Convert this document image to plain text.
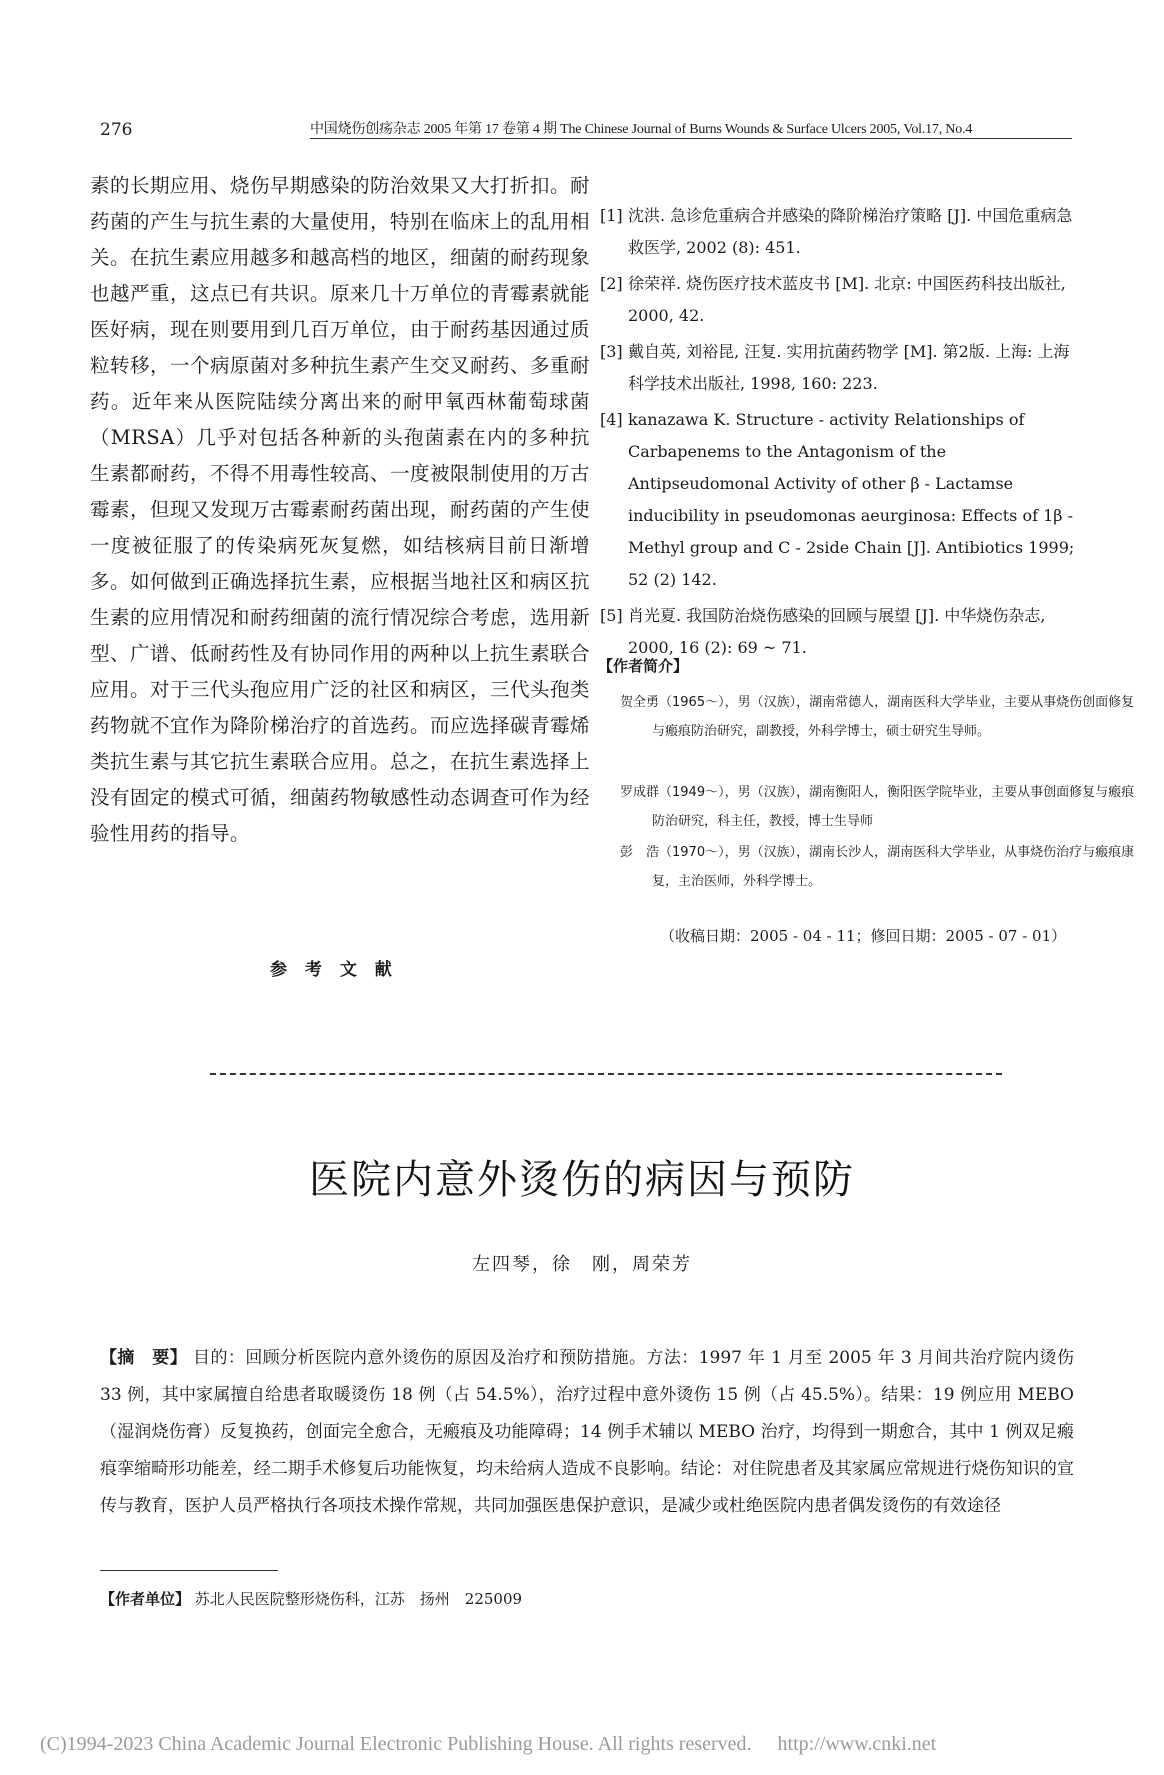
276	中国烧伤创疡杂志 2005 年第 17 卷第 4 期 The Chinese Journal of Burns Wounds & Surface Ulcers 2005, Vol.17, No.4
素的长期应用、烧伤早期感染的防治效果又大打折扣。耐药菌的产生与抗生素的大量使用，特别在临床上的乱用相关。在抗生素应用越多和越高档的地区，细菌的耐药现象也越严重，这点已有共识。原来几十万单位的青霉素就能医好病，现在则要用到几百万单位，由于耐药基因通过质粒转移，一个病原菌对多种抗生素产生交叉耐药、多重耐药。近年来从医院陆续分离出来的耐甲氧西林葡萄球菌（MRSA）几乎对包括各种新的头孢菌素在内的多种抗生素都耐药，不得不用毒性较高、一度被限制使用的万古霉素，但现又发现万古霉素耐药菌出现，耐药菌的产生使一度被征服了的传染病死灰复燃，如结核病目前日渐增多。如何做到正确选择抗生素，应根据当地社区和病区抗生素的应用情况和耐药细菌的流行情况综合考虑，选用新型、广谱、低耐药性及有协同作用的两种以上抗生素联合应用。对于三代头孢应用广泛的社区和病区，三代头孢类药物就不宜作为降阶梯治疗的首选药。而应选择碳青霉烯类抗生素与其它抗生素联合应用。总之，在抗生素选择上没有固定的模式可循，细菌药物敏感性动态调查可作为经验性用药的指导。
参 考 文 献
[1] 沈洪. 急诊危重病合并感染的降阶梯治疗策略 [J]. 中国危重病急救医学, 2002 (8): 451.
[2] 徐荣祥. 烧伤医疗技术蓝皮书 [M]. 北京: 中国医药科技出版社, 2000, 42.
[3] 戴自英, 刘裕昆, 汪复. 实用抗菌药物学 [M]. 第2版. 上海: 上海科学技术出版社, 1998, 160: 223.
[4] kanazawa K. Structure - activity Relationships of Carbapenems to the Antagonism of the Antipseudomonal Activity of other β - Lactamse inducibility in pseudomonas aeurginosa: Effects of 1β - Methyl group and C - 2side Chain [J]. Antibiotics 1999; 52 (2) 142.
[5] 肖光夏. 我国防治烧伤感染的回顾与展望 [J]. 中华烧伤杂志, 2000, 16 (2): 69 ~ 71.
【作者简介】
贺全勇（1965～），男（汉族），湖南常德人，湖南医科大学毕业，主要从事烧伤创面修复与瘢痕防治研究，副教授，外科学博士，硕士研究生导师。
罗成群（1949～），男（汉族），湖南衡阳人，衡阳医学院毕业，主要从事创面修复与瘢痕防治研究，科主任，教授，博士生导师
彭　浩（1970～），男（汉族），湖南长沙人，湖南医科大学毕业，从事烧伤治疗与瘢痕康复，主治医师，外科学博士。
（收稿日期：2005 - 04 - 11；修回日期：2005 - 07 - 01）
医院内意外烫伤的病因与预防
左四琴，徐　刚，周荣芳
【摘　要】 目的：回顾分析医院内意外烫伤的原因及治疗和预防措施。方法：1997 年 1 月至 2005 年 3 月间共治疗院内烫伤 33 例，其中家属擅自给患者取暖烫伤 18 例（占 54.5%），治疗过程中意外烫伤 15 例（占 45.5%）。结果：19 例应用 MEBO（湿润烧伤膏）反复换药，创面完全愈合，无瘢痕及功能障碍；14 例手术辅以 MEBO 治疗，均得到一期愈合，其中 1 例双足瘢痕挛缩畸形功能差，经二期手术修复后功能恢复，均未给病人造成不良影响。结论：对住院患者及其家属应常规进行烧伤知识的宣传与教育，医护人员严格执行各项技术操作常规，共同加强医患保护意识，是减少或杜绝医院内患者偶发烫伤的有效途径
【作者单位】 苏北人民医院整形烧伤科，江苏　扬州　225009
(C)1994-2023 China Academic Journal Electronic Publishing House. All rights reserved. http://www.cnki.net
